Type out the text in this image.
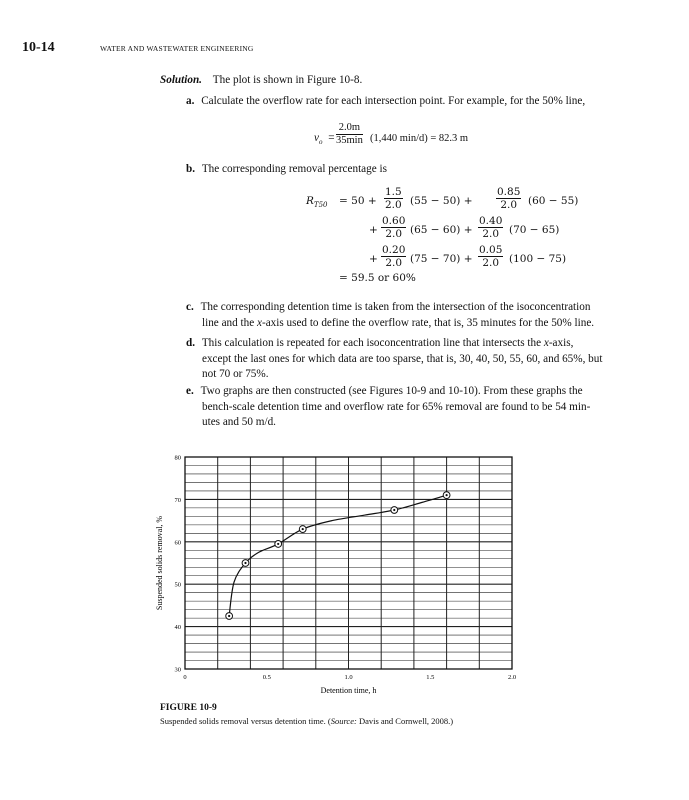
10-14	WATER AND WASTEWATER ENGINEERING
Solution. The plot is shown in Figure 10-8.
a. Calculate the overflow rate for each intersection point. For example, for the 50% line,
$v_o$ =
2.0m
35min (1,440 min/d) = 82.3 m
b. The corresponding removal percentage is
$R_{T50} = 50 + \frac{1.5}{2.0} (55 - 50) + \frac{0.85}{2.0} (60 - 55)$
+ $\frac{0.60}{2.0} (65 - 60) + \frac{0.40}{2.0} (70 - 65)$
+ $\frac{0.20}{2.0} (75 - 70) + \frac{0.05}{2.0} (100 - 75)$
= 59.5 or 60%
c. The corresponding detention time is taken from the intersection of the isoconcentration
line and the x-axis used to define the overflow rate, that is, 35 minutes for the 50% line.
d. This calculation is repeated for each isoconcentration line that intersects the x-axis,
except the last ones for which data are too sparse, that is, 30, 40, 50, 55, 60, and 65%, but
not 70 or 75%.
e. Two graphs are then constructed (see Figures 10-9 and 10-10). From these graphs the
bench-scale detention time and overflow rate for 65% removal are found to be 54 min-
utes and 50 m/d.
0	0.5	1.0	1.5	2.0
30
40
50
60
70
80
Detention time, h
Suspended solids removal, %
FIGURE 10-9
Suspended solids removal versus detention time. (Source: Davis and Cornwell, 2008.)
